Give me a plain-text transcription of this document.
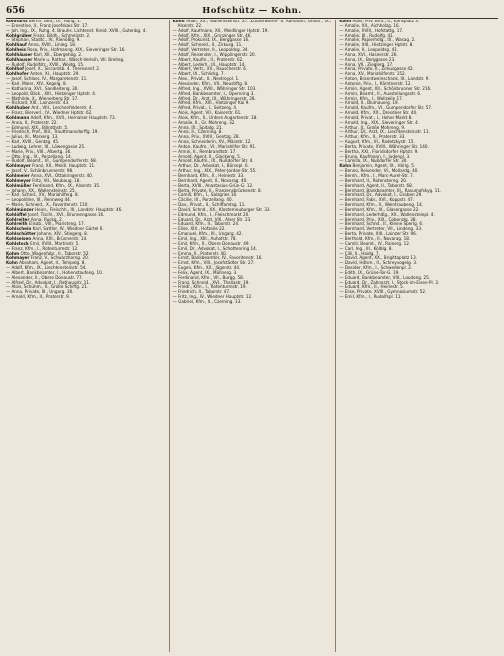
656	Hofschütz — Kohn.

Kohlfürst Bernh. Ged., IX., Ruhg. 1.

— Ernestine, II., Franz Josefskais Str. 17.

— Joh. Ing., IX., Ruhg. 4. Brauhs. Lichtenst. Kreid. XVIII., Gutenbg. 4.

Kohlgrüber Franz, Bildh., Schmelzstr. 2.

— Stephan, Stadtc., IV., Rienößlg. 9.

Kohlhauf Anna, XVIII., Linieg. 18.

Kohlheis Rosa, Priv., Hofmanng. XIX., Sieveringer Str. 16.

Kohlhäuser Karl, XII., Ebergehög. 2.

Kohlhauser Marie u. Rathar., Wäsch-Verleih, VII. Breiteg.

— Rudolf, Rudolfstr., XVIII., Weidg. 15.

Kohlhof Josef, X., Siccardsb. 4. Theresienf. 2.

Kohlhofer Anton, XI., Hauptstr. 29.

— Josef, Schloss. IV., Margaretenstr. 11.

— Karl, Maler, XIV., Kegelg. 8.

— Katharina, XVI., Sandleiteng. 30.

— Leopold, Bäck., XIII., Hietzinger Hptstr. 4.

— Mathilde, X., Wienerberg Str. 17.

— Richard, XIII., Lainzerstr. 43.

Kohlhuber Ant., VIII., Lerchenfelderstr. 4.

— Franz, Bierverl., IV., Wiedner Hptstr. 62.

Kohlmann Adolf, Kfm., XVII., Hernalser Hauptstr. 73.

— Anna, II., Praterstr. 22.

— Edmund, XIX., Billrothstr. 5.

— Friedrich, Prof., XIII., Trauttmansdorffg. 19.

— Julius, III., Marxerg. 13.

— Karl, XVIII., Gentzg. 45.

— Ludwig, Lehrer, III., Löwengasse 25.

— Marie, Priv., VIII., Albertg. 36.

— Otto, Ing., IX., Porzellang. 14.

— Rudolf, Beamt., VI., Gumpendorferstr. 68.

Kohlmayer Franz, XII., Meidl. Hauptstr. 11.

— Josef, V., Schönbrunnerstr. 98.

Kohlmeier Anna, XVI., Ottakringerstr. 40.

Kohlmeyer Fritz, VII., Neubaug. 18.

Kohlmüller Ferdinand, Kfm., IX., Alserstr. 35.

— Johann, XX., Wallensteinstr. 25.

— Karl, Schnd., XV., Mariahilferg. 8.

— Leopoldine, III., Rennweg 44.

— Marie, Schneid., X., Favoritenstr. 110.

Kohlmünzer Heinr., Fleischh., III., Landstr. Hauptstr. 46.

Kohlöffel Josef, Tischl., XVI., Brunnengasse 16.

Kohlreiter Anna, Ruckg. 2.

Kohlreith Elisab., VIII., Piaristeng. 17.

Kohlschein Karl, Sattler, IV., Wiedner Gürtel 6.

Kohlschütter Johann, XIV., Stiegerg. 8.

Kohlseisen Anna, XXI., Brünnerstr. 14.

Kohlstock Emil, XVIII., Martinstr. 5.

— Franz, Kfm., I., Rotenturmstr. 12.

Kohm Otto, Wagenfabr., II., Taborstr. 52.

Kohmayer Franz, V., Schwarzhorng. 20.

Kohn Abraham, Agent, II., Tempelg. 8.

— Adolf, Kfm., IX., Liechtensteinstr. 54.

— Albert, Bankbeamter, I., Hohenstaufeng. 10.

— Alexander, II., Obere Donaustr. 77.

— Alfred, Dr., Advokat, I., Rathausstr. 11.

— Alois, Schuhm., II., Große Schiffg. 21.

— Anna, Private, III., Ungarg. 30.

— Arnold, Kfm., II., Praterstr. 9.

Kohn Adolf, XX., Wallensteinstr. 27. Zuckerwaren- u. Kanditen, Großh., IX., Alserstr. 22.

— Adolf, Kaufmann, XII., Meidlinger Hptstr. 19.

— Adolf, Kfm., XIX., Grinzinger Str. 46.

— Adolf, Prokurist, IX., Berggasse 16.

— Adolf, Schneid., II., Zirkusg. 11.

— Adolf, Vertreter, II., Leopoldsg. 34.

— Adolf, Reisender, I., Wipplingerstr. 20.

— Albert, Kaufm., II., Praterstr. 62.

— Albert, Lederh., III., Hauptstr. 14.

— Albert, Vertr., XX., Rauscherstr. 6.

— Albert, IX., Schlickg. 7.

— Alex., Privat., II., Nestroypl. 1.

— Alexander, Kfm., VII., Neustiftg. 8.

— Alfred, Ing., XVIII., Währinger Str. 103.

— Alfred, Bankbeamter, I., Opernring 3.

— Alfred, Dr., Arzt, IX., Währingerstr. 28.

— Alfred, Kfm., XIII., Hietzinger Kai 9.

— Alfred, Privat., I., Seitzerg. 4.

— Alois, Agent, VII., Kaiserstr. 61.

— Alois, Kfm., II., Untere Augartenstr. 18.

— Amalie, II., Gr. Mohreng. 32.

— Anna, IX., Spitalg. 21.

— Anna, II., Czerning. 8.

— Anna, Priv., XVIII., Gentzg. 28.

— Anna, Schneiderin, XV., Märzstr. 12.

— Anton, Kaufm., VI., Mariahilfer Str. 91.

— Armin, II., Rembrandtstr. 17.

— Arnold, Agent, II., Glockeng. 5.

— Arnold, Kaufm., IX., Nußdorfer Str. 4.

— Arthur, Dr., Advokat, I., Börsepl. 6.

— Arthur, Ing., XIX., Peter-Jordan-Str. 55.

— Bernhard, Kfm., II., Heinestr. 33.

— Bernhard, Agent, II., Novarag. 40.

— Berta, XVIII., Anastasius-Grün-G. 12.

— Berta, Private, II., Franzensbrückenstr. 8.

— Camill, Kfm., I., Salzgries 16.

— Cäcilie, IX., Porzellang. 40.

— Dav., Privat., II., Schiffamtsg. 11.

— David, Schnd., XX., Klosterneuburger Str. 33.

— Edmund, Kfm., I., Fleischmarkt 20.

— Eduard, Dr., Arzt, VIII., Alser Str. 23.

— Eduard, Kfm., II., Taborstr. 24.

— Elise, XIX., Hofzeile 22.

— Emanuel, Kfm., III., Ungarg. 42.

— Emil, Ing., XIII., Auhofstr. 78.

— Emil, Kfm., II., Obere Donaustr. 49.

— Emil, Dr., Advokat, I., Schottenring 14.

— Emma, II., Praterstr. 40.

— Ernst, Bankbeamter, IV., Favoritenstr. 16.

— Ernst, Kfm., VIII., Josefstädter Str. 27.

— Eugen, Kfm., XX., Jägerstr. 44.

— Felix, Agent, IX., Müllnerg. 3.

— Ferdinand, Kfm., VII., Burgg. 58.

— Franz, Schneid., XVI., Thaliastr. 19.

— Friedr., Kfm., I., Rotenturmstr. 19.

— Friedrich, II., Taborstr. 47.

— Fritz, Ing., IV., Wiedner Hauptstr. 12.

— Gabriel, Kfm., II., Czerning. 13.

Kohn Alois, Priv. Bmt., II., Karlsplatz 3.

— Amalie, XII., Aichholzg. 16.

— Amalie, XVIII., Hofstattg. 17.

— Amalie, III., Rudolfg. 41.

— Amalie, Papierhdlg., IX., Wasag. 2.

— Amalie, XIII., Hietzinger Hptstr. 8.

— Amalie, II., Leopoldsg. 41.

— Anna, XVI., Hasnerstr. 26.

— Anna, IX., Berggasse 23.

— Anna, VII., Zieglerg. 17.

— Anna, Private, II., Zirkusgasse 42.

— Anna, XV., Mariahilferstr. 152.

— Anton, Branntweinschank, III., Landstr. 9.

— Antonie, Priv., I., Kärntnerstr. 12.

— Armin, Agent, XII., Schönbrunner Str. 216.

— Armin, Beamt., II., Ausstellungsstr. 6.

— Armin, Kfm., I., Wollzeile 17.

— Arnold, II., Blumauerg. 19.

— Arnold, Kaufm., VI., Gumpendorfer Str. 57.

— Arnold, Kfm., XX., Dresdner Str. 40.

— Arnold, Privat., I., Hoher Markt 8.

— Arnold, Ing., XIX., Sieveringer Str. 4.

— Arthur, II., Große Mohreng. 9.

— Arthur, Dr., Arzt, IX., Liechtensteinstr. 11.

— Arthur, Kfm., II., Praterstr. 33.

— August, Kfm., III., Radetzkystr. 15.

— Berta, Private, XVIII., Währinger Str. 140.

— Bertha, XXI., Floridsdorfer Hptstr. 9.

— Bruno, Kaufmann, I., Judenpl. 3.

— Camilla, IX., Nußdorfer Str. 30.

Kohn Benjamin, Agent, IX., Hörlg. 5.

— Benno, Reisender, VI., Mollardg. 40.

— Bernh., Kfm., I., Marc-Aurel-Str. 7.

— Bernhard, II., Rotensterng. 20.

— Bernhard, Agent, II., Taborstr. 68.

— Bernhard, Bankbeamter, III., Rasumofskyg. 11.

— Bernhard, Dr., Advokat, I., Graben 29.

— Bernhard, Fabr., XVI., Koppstr. 47.

— Bernhard, Kfm., II., Weintraubeng. 14.

— Bernhard, Kfm., IX., Glasergasse 22.

— Bernhard, Lederhdlg., XX., Wallensteinpl. 4.

— Bernhard, Priv., XIX., Cobenzlg. 38.

— Bernhard, Schnd., II., Kleine Sperlg. 6.

— Bernhard, Vertreter, VII., Lindeng. 33.

— Berta, Private, XIII., Lainzer Str. 96.

— Berthold, Kfm., II., Novarag. 18.

— Camill, Beamt., IV., Rainerg. 12.

— Carl, Ing., III., Kölblg. 8.

— Cilli, II., Haidg. 7.

— David, Agent, XX., Brigittaplatz 13.

— David, Hdlsm., II., Schreyvogelg. 3.

— Desider, Kfm., I., Schwedenpl. 2.

— Edith, IX., Grüne-Tor-G. 19.

— Eduard, Bankbeamter, VIII., Laudong. 25.

— Eduard, Dr., Zahnarzt, I., Stock-im-Eisen-Pl. 3.

— Eduard, Kfm., II., Heinestr. 5.

— Elise, Private, XVIII., Gymnasiumstr. 52.

— Emil, Kfm., I., Rudolfspl. 11.
